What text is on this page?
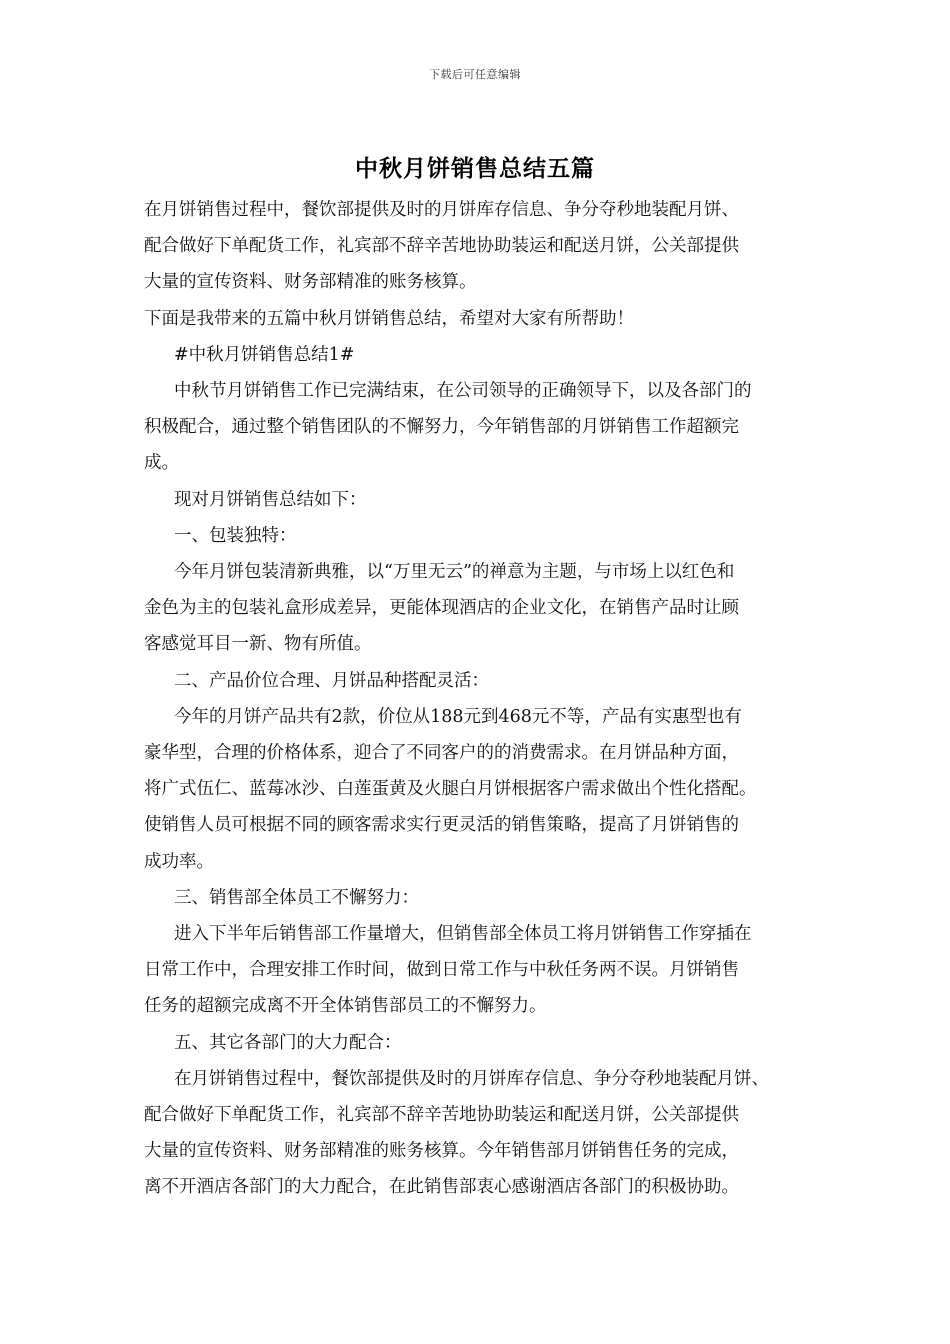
下载后可任意编辑
中秋月饼销售总结五篇

在月饼销售过程中，餐饮部提供及时的月饼库存信息、争分夺秒地装配月饼、

配合做好下单配货工作，礼宾部不辞辛苦地协助装运和配送月饼，公关部提供

大量的宣传资料、财务部精准的账务核算。

下面是我带来的五篇中秋月饼销售总结，希望对大家有所帮助！

#中秋月饼销售总结1#

中秋节月饼销售工作已完满结束，在公司领导的正确领导下，以及各部门的

积极配合，通过整个销售团队的不懈努力，今年销售部的月饼销售工作超额完

成。

现对月饼销售总结如下：

一、包装独特：

今年月饼包装清新典雅，以“万里无云”的禅意为主题，与市场上以红色和

金色为主的包装礼盒形成差异，更能体现酒店的企业文化，在销售产品时让顾

客感觉耳目一新、物有所值。

二、产品价位合理、月饼品种搭配灵活：

今年的月饼产品共有2款，价位从188元到468元不等，产品有实惠型也有

豪华型，合理的价格体系，迎合了不同客户的的消费需求。在月饼品种方面，

将广式伍仁、蓝莓冰沙、白莲蛋黄及火腿白月饼根据客户需求做出个性化搭配。

使销售人员可根据不同的顾客需求实行更灵活的销售策略，提高了月饼销售的

成功率。

三、销售部全体员工不懈努力：

进入下半年后销售部工作量增大，但销售部全体员工将月饼销售工作穿插在

日常工作中，合理安排工作时间，做到日常工作与中秋任务两不误。月饼销售

任务的超额完成离不开全体销售部员工的不懈努力。

五、其它各部门的大力配合：

在月饼销售过程中，餐饮部提供及时的月饼库存信息、争分夺秒地装配月饼、

配合做好下单配货工作，礼宾部不辞辛苦地协助装运和配送月饼，公关部提供

大量的宣传资料、财务部精准的账务核算。今年销售部月饼销售任务的完成，

离不开酒店各部门的大力配合，在此销售部衷心感谢酒店各部门的积极协助。
